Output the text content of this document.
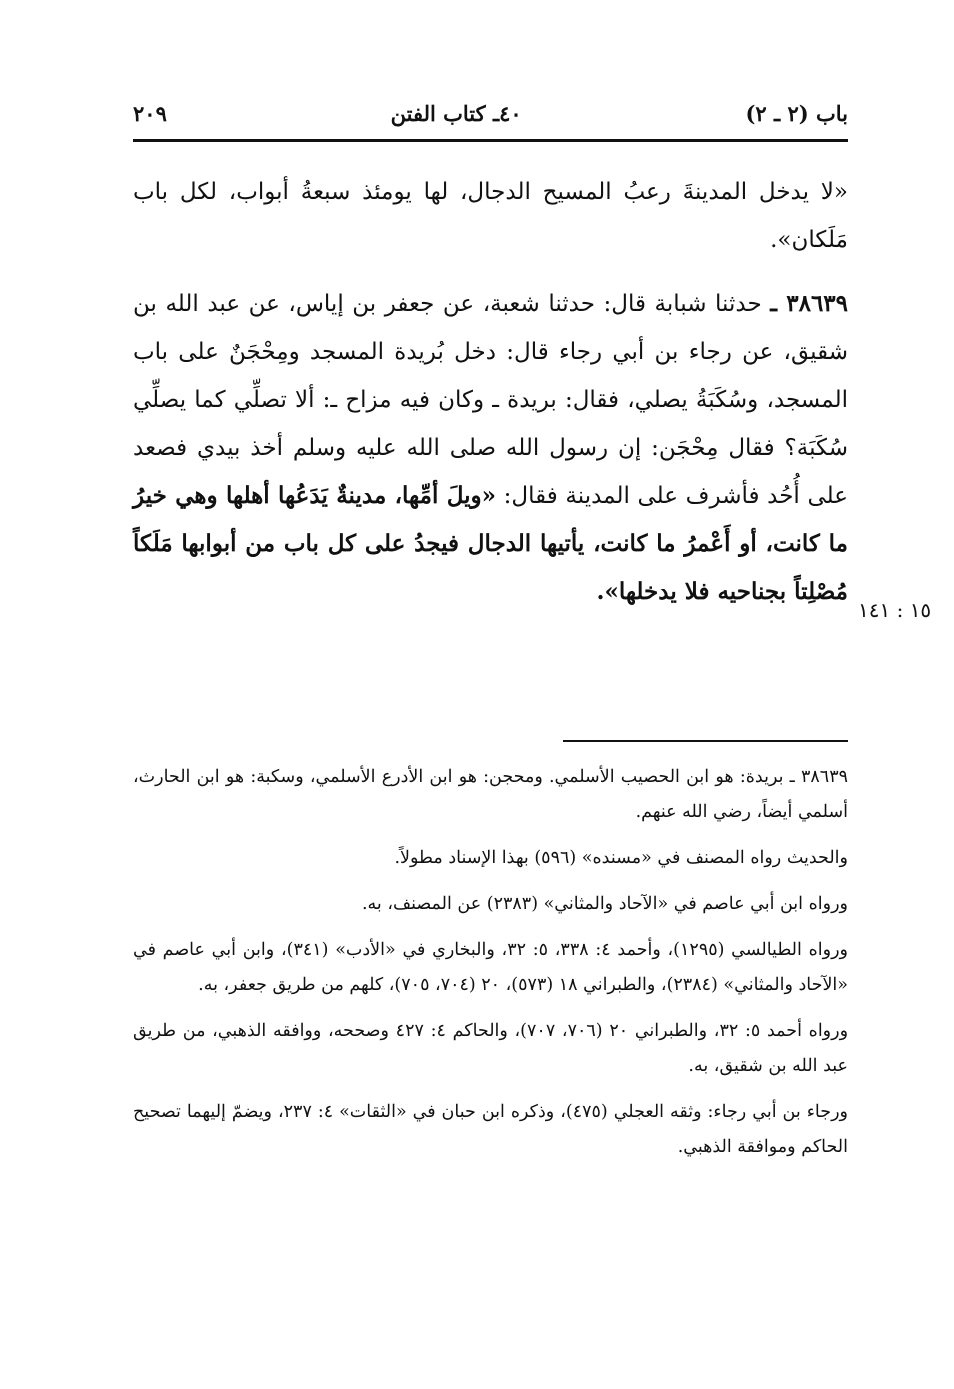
باب (٢ ـ ٢)
٤٠ـ كتاب الفتن
٢٠٩

«لا يدخل المدينةَ رعبُ المسيح الدجال، لها يومئذ سبعةُ أبواب، لكل باب مَلَكان».

٣٨٦٣٩ ـ حدثنا شبابة قال: حدثنا شعبة، عن جعفر بن إياس، عن عبد الله بن شقيق، عن رجاء بن أبي رجاء قال: دخل بُريدة المسجد ومِحْجَنٌ على باب المسجد، وسُكَبَةُ يصلي، فقال: بريدة ـ وكان فيه مزاح ـ: ألا تصلِّي كما يصلِّي سُكَبَة؟ فقال مِحْجَن: إن رسول الله صلى الله عليه وسلم أخذ بيدي فصعد على أُحُد فأشرف على المدينة فقال: «ويلَ أمِّها، مدينةٌ يَدَعُها أهلها وهي خيرُ ما كانت، أو أَعْمرُ ما كانت، يأتيها الدجال فيجدُ على كل باب من أبوابها مَلَكاً مُصْلِتاً بجناحيه فلا يدخلها».

١٥ : ١٤١

٣٨٦٣٩ ـ بريدة: هو ابن الحصيب الأسلمي. ومحجن: هو ابن الأدرع الأسلمي، وسكبة: هو ابن الحارث، أسلمي أيضاً، رضي الله عنهم.

والحديث رواه المصنف في «مسنده» (٥٩٦) بهذا الإسناد مطولاً.

ورواه ابن أبي عاصم في «الآحاد والمثاني» (٢٣٨٣) عن المصنف، به.

ورواه الطيالسي (١٢٩٥)، وأحمد ٤: ٣٣٨، ٥: ٣٢، والبخاري في «الأدب» (٣٤١)، وابن أبي عاصم في «الآحاد والمثاني» (٢٣٨٤)، والطبراني ١٨ (٥٧٣)، ٢٠ (٧٠٤، ٧٠٥)، كلهم من طريق جعفر، به.

ورواه أحمد ٥: ٣٢، والطبراني ٢٠ (٧٠٦، ٧٠٧)، والحاكم ٤: ٤٢٧ وصححه، ووافقه الذهبي، من طريق عبد الله بن شقيق، به.

ورجاء بن أبي رجاء: وثقه العجلي (٤٧٥)، وذكره ابن حبان في «الثقات» ٤: ٢٣٧، ويضمّ إليهما تصحيح الحاكم وموافقة الذهبي.
